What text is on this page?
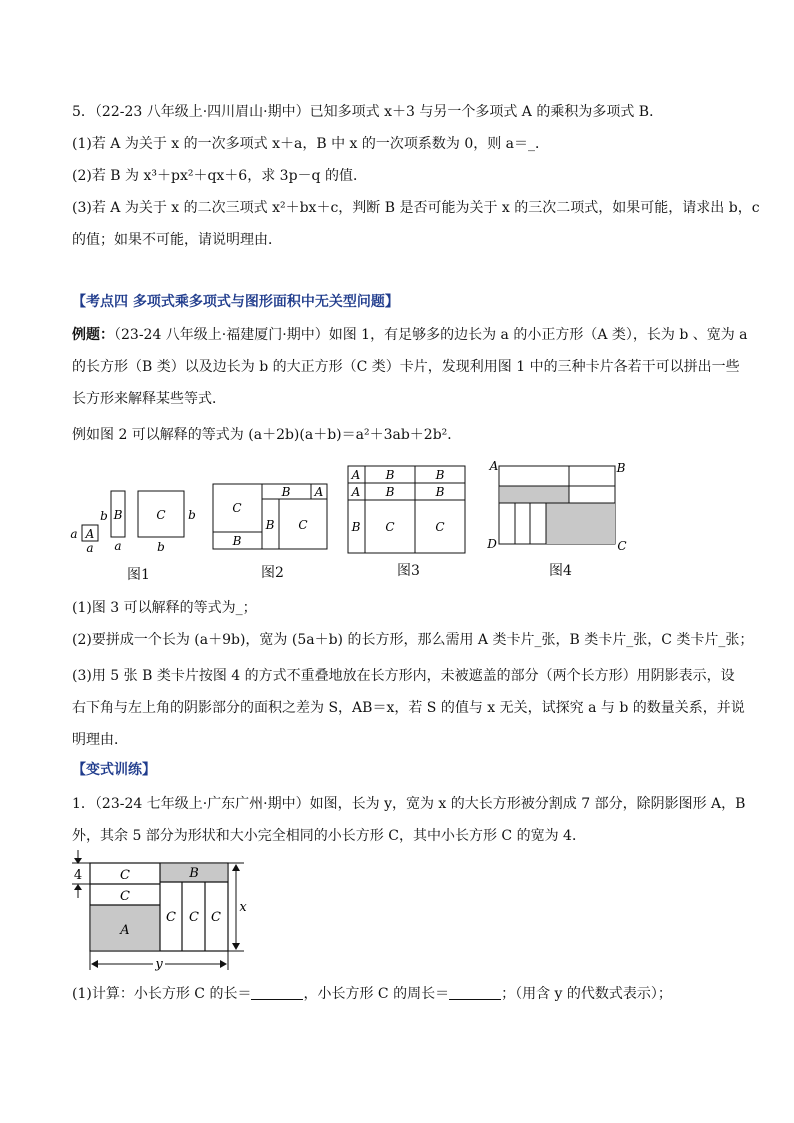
5．（22-23 八年级上·四川眉山·期中）已知多项式 x＋3 与另一个多项式 A 的乘积为多项式 B．
(1)若 A 为关于 x 的一次多项式 x＋a，B 中 x 的一次项系数为 0，则 a＝_．
(2)若 B 为 x³＋px²＋qx＋6，求 3p－q 的值．
(3)若 A 为关于 x 的二次三项式 x²＋bx＋c，判断 B 是否可能为关于 x 的三次二项式，如果可能，请求出 b，c
的值；如果不可能，请说明理由．
【考点四 多项式乘多项式与图形面积中无关型问题】
例题：（23-24 八年级上·福建厦门·期中）如图 1，有足够多的边长为 a 的小正方形（A 类），长为 b 、宽为 a
的长方形（B 类）以及边长为 b 的大正方形（C 类）卡片，发现利用图 1 中的三种卡片各若干可以拼出一些
长方形来解释某些等式．
例如图 2 可以解释的等式为 (a＋2b)(a＋b)＝a²＋3ab＋2b²．
A
a
a
b B
a
C b
b
图1
C
B
B A
B C
图2
A
A
B	B
B	B
B C	C
图3
A	B
D	C
图4
(1)图 3 可以解释的等式为_；
(2)要拼成一个长为 (a＋9b)，宽为 (5a＋b) 的长方形，那么需用 A 类卡片_张，B 类卡片_张，C 类卡片_张；
(3)用 5 张 B 类卡片按图 4 的方式不重叠地放在长方形内，未被遮盖的部分（两个长方形）用阴影表示，设
右下角与左上角的阴影部分的面积之差为 S，AB＝x，若 S 的值与 x 无关，试探究 a 与 b 的数量关系，并说
明理由．
【变式训练】
1．（23-24 七年级上·广东广州·期中）如图，长为 y，宽为 x 的大长方形被分割成 7 部分，除阴影图形 A，B
外，其余 5 部分为形状和大小完全相同的小长方形 C，其中小长方形 C 的宽为 4．
4	C
C
A
B
C C C
x
y
(1)计算：小长方形 C 的长＝	，小长方形 C 的周长＝	；（用含 y 的代数式表示）；
